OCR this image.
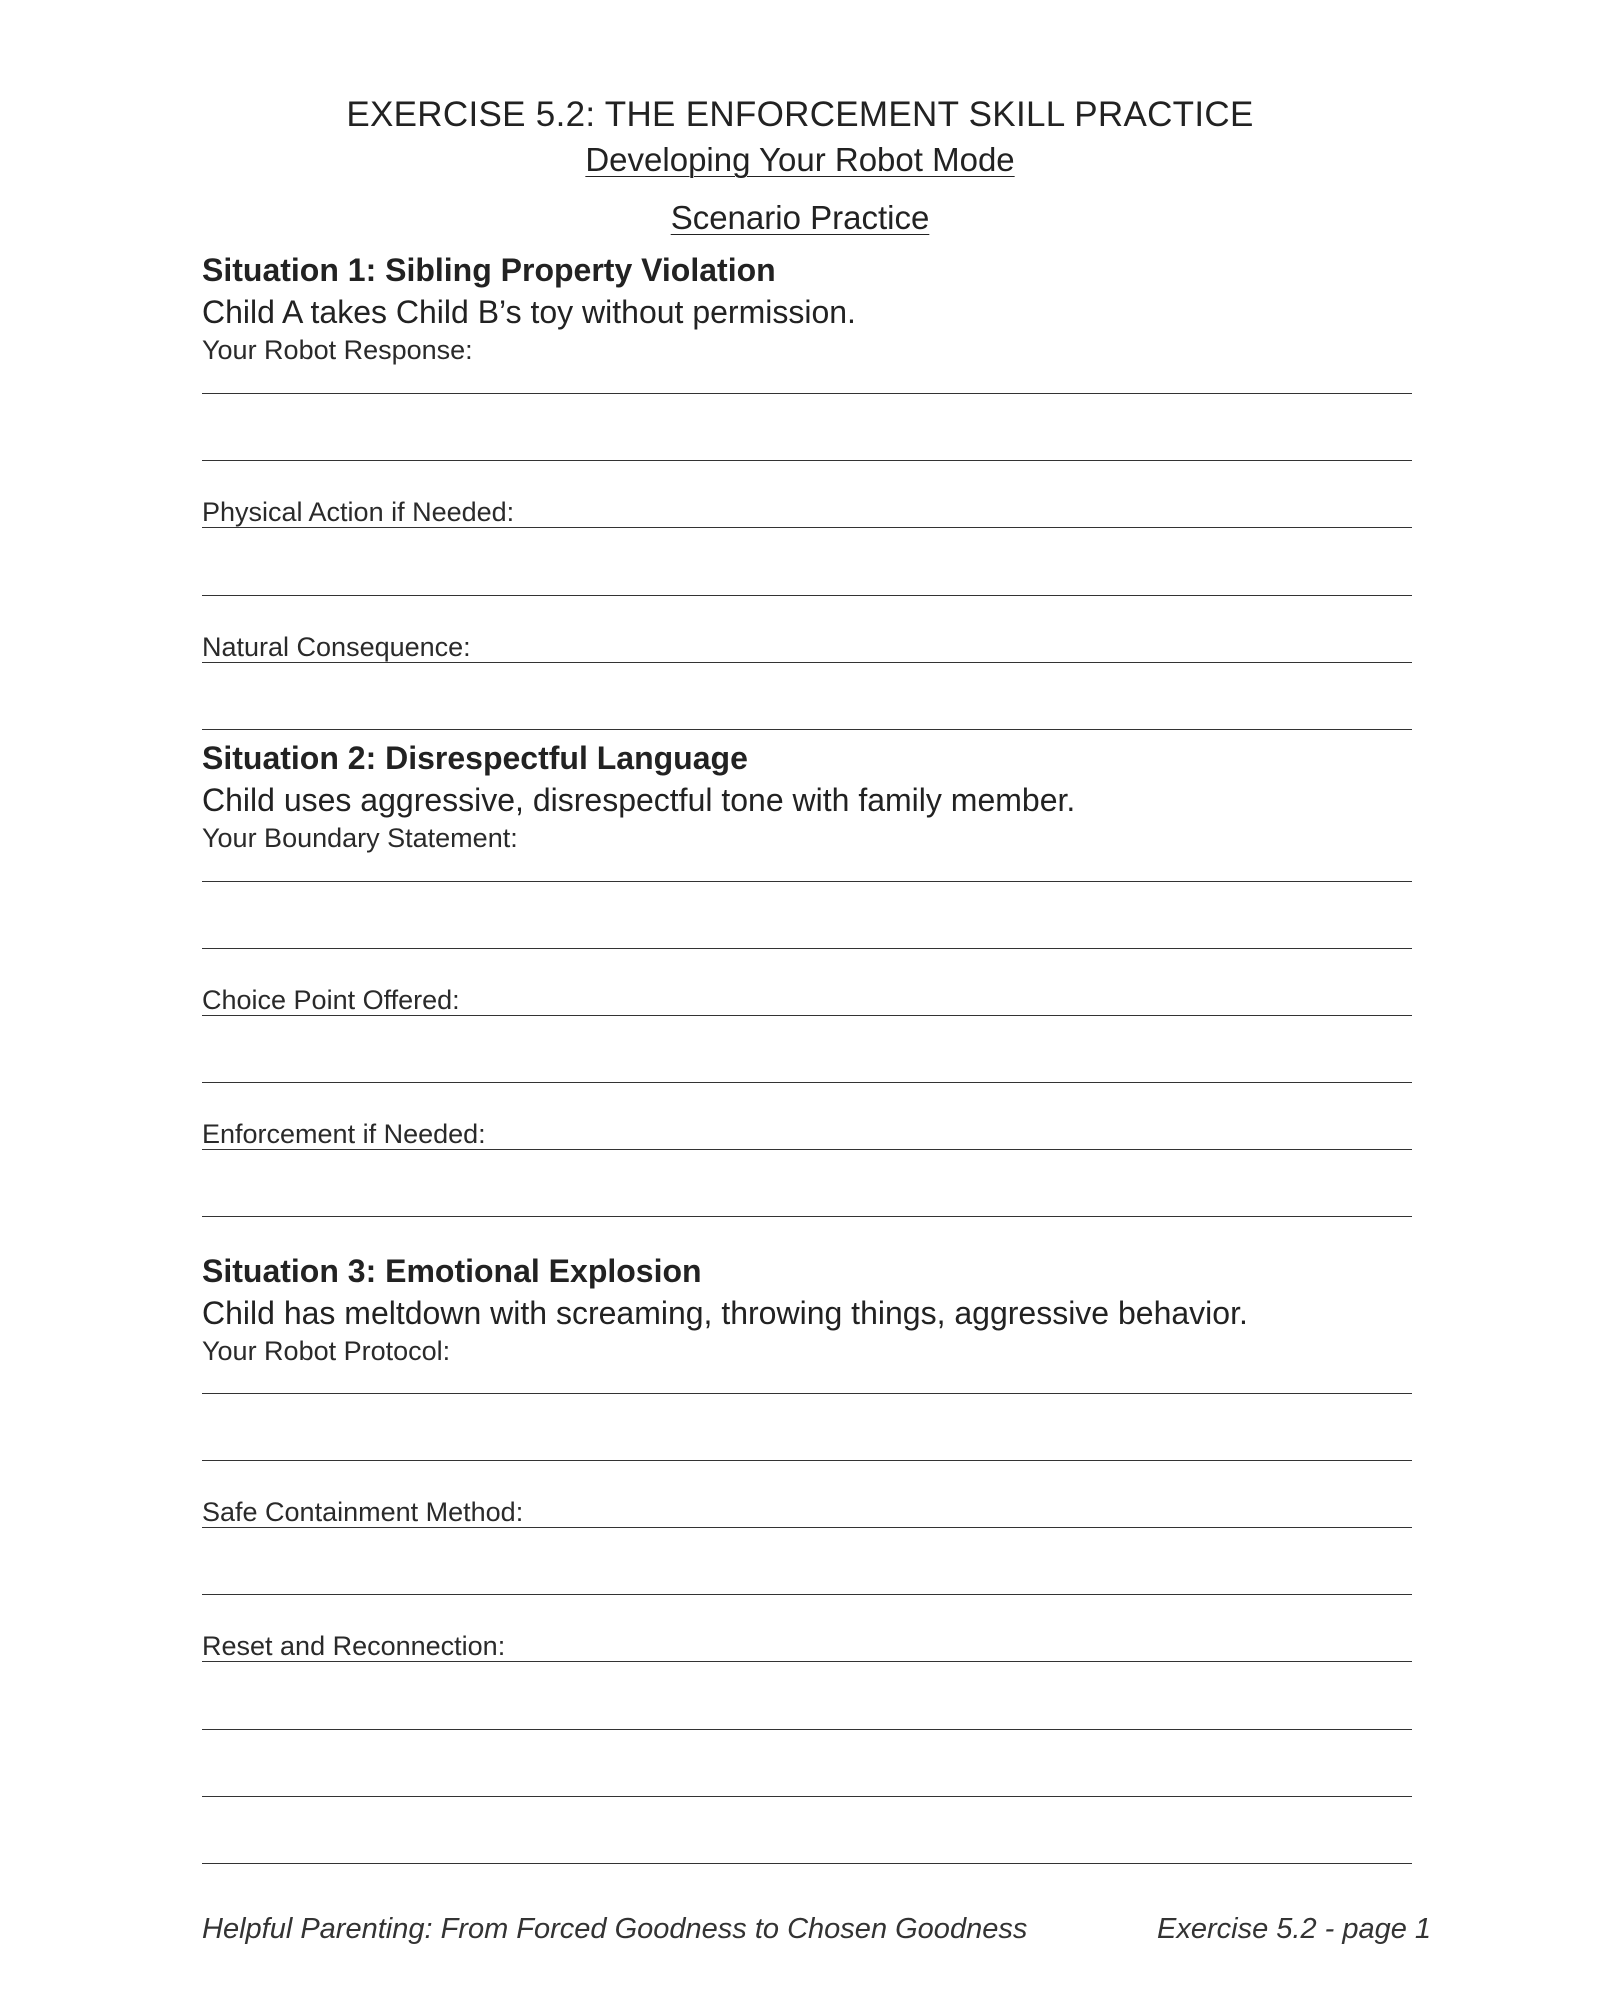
EXERCISE 5.2: THE ENFORCEMENT SKILL PRACTICE
Developing Your Robot Mode
Scenario Practice
Situation 1: Sibling Property Violation
Child A takes Child B’s toy without permission.
Your Robot Response:
Physical Action if Needed:
Natural Consequence:
Situation 2: Disrespectful Language
Child uses aggressive, disrespectful tone with family member.
Your Boundary Statement:
Choice Point Offered:
Enforcement if Needed:
Situation 3: Emotional Explosion
Child has meltdown with screaming, throwing things, aggressive behavior.
Your Robot Protocol:
Safe Containment Method:
Reset and Reconnection:
Helpful Parenting: From Forced Goodness to Chosen Goodness	Exercise 5.2 - page 1
